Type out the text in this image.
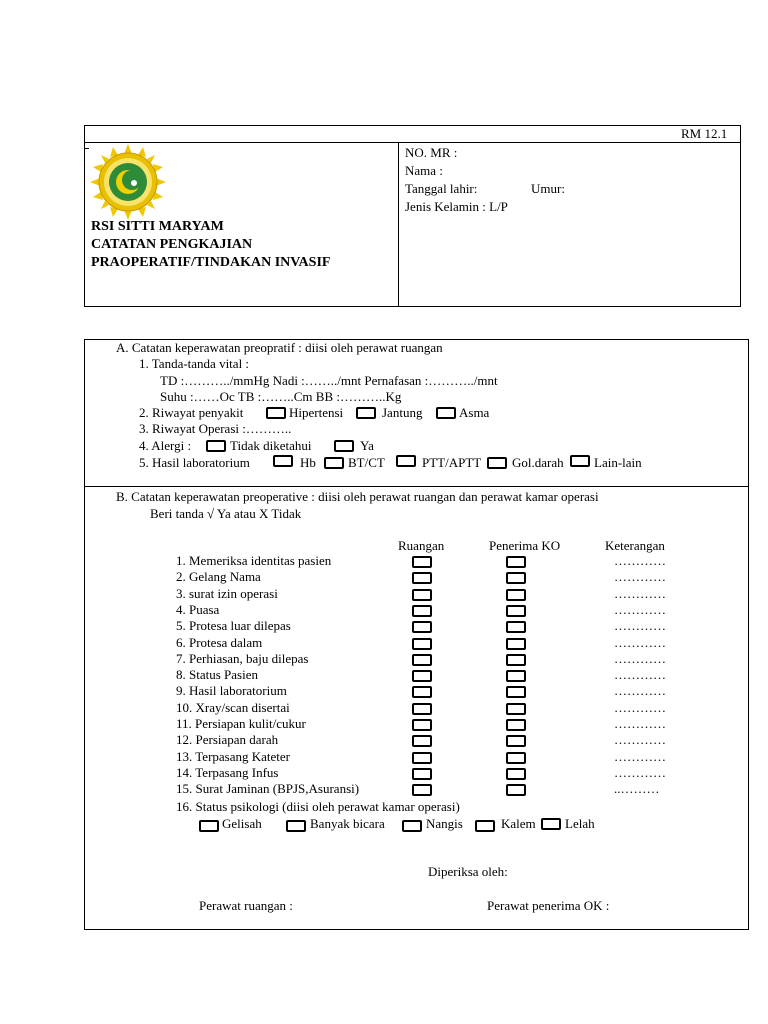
RM 12.1
RSI SITTI MARYAM
CATATAN PENGKAJIAN
PRAOPERATIF/TINDAKAN INVASIF
NO. MR :
Nama :
Tanggal lahir:	Umur:
Jenis Kelamin : L/P
A. Catatan keperawatan preopratif : diisi oleh perawat ruangan
1. Tanda-tanda vital :
TD :………../mmHg Nadi :……../mnt Pernafasan :………../mnt
Suhu :……Oc TB :……..Cm BB :………..Kg
2. Riwayat penyakit	Hipertensi	Jantung	Asma
3. Riwayat Operasi :………..
4. Alergi :	Tidak diketahui	Ya
5. Hasil laboratorium	Hb BT/CT	PTT/APTT Gol.darah Lain-lain
B. Catatan keperawatan preoperative : diisi oleh perawat ruangan dan perawat kamar operasi
Beri tanda √ Ya atau X Tidak
Ruangan	Penerima KO	Keterangan
1. Memeriksa identitas pasien	…………
2. Gelang Nama	…………
3. surat izin operasi	…………
4. Puasa	…………
5. Protesa luar dilepas	…………
6. Protesa dalam	…………
7. Perhiasan, baju dilepas	…………
8. Status Pasien	…………
9. Hasil laboratorium	…………
10. Xray/scan disertai	…………
11. Persiapan kulit/cukur	…………
12. Persiapan darah	…………
13. Terpasang Kateter	…………
14. Terpasang Infus	…………
15. Surat Jaminan (BPJS,Asuransi)	..………
16. Status psikologi (diisi oleh perawat kamar operasi)
Gelisah	Banyak bicara	Nangis	Kalem Lelah
Diperiksa oleh:
Perawat ruangan :	Perawat penerima OK :
